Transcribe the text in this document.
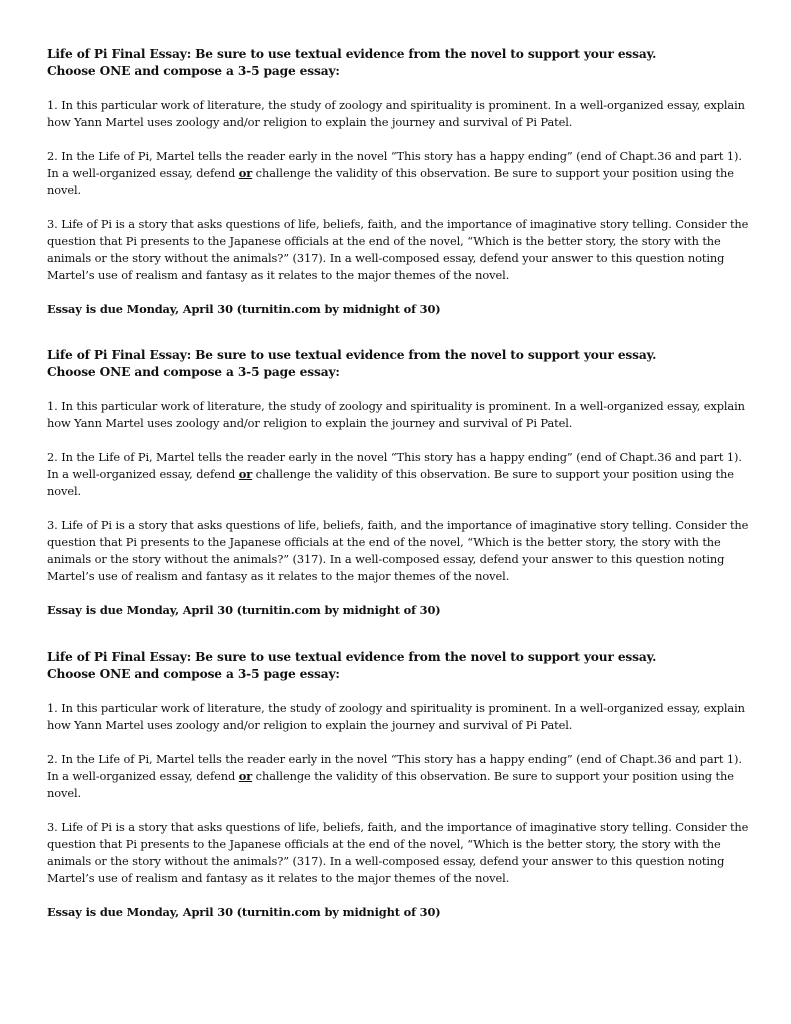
Life of Pi Final Essay: Be sure to use textual evidence from the novel to support your essay.
Choose ONE and compose a 3-5 page essay:

1. In this particular work of literature, the study of zoology and spirituality is prominent. In a well-organized essay, explain how Yann Martel uses zoology and/or religion to explain the journey and survival of Pi Patel.

2. In the Life of Pi, Martel tells the reader early in the novel “This story has a happy ending” (end of Chapt.36 and part 1). In a well-organized essay, defend or challenge the validity of this observation. Be sure to support your position using the novel.

3. Life of Pi is a story that asks questions of life, beliefs, faith, and the importance of imaginative story telling. Consider the question that Pi presents to the Japanese officials at the end of the novel, “Which is the better story, the story with the animals or the story without the animals?” (317). In a well-composed essay, defend your answer to this question noting Martel’s use of realism and fantasy as it relates to the major themes of the novel.

Essay is due Monday, April 30 (turnitin.com by midnight of 30)
Life of Pi Final Essay: Be sure to use textual evidence from the novel to support your essay.
Choose ONE and compose a 3-5 page essay:

1. In this particular work of literature, the study of zoology and spirituality is prominent. In a well-organized essay, explain how Yann Martel uses zoology and/or religion to explain the journey and survival of Pi Patel.

2. In the Life of Pi, Martel tells the reader early in the novel “This story has a happy ending” (end of Chapt.36 and part 1). In a well-organized essay, defend or challenge the validity of this observation. Be sure to support your position using the novel.

3. Life of Pi is a story that asks questions of life, beliefs, faith, and the importance of imaginative story telling. Consider the question that Pi presents to the Japanese officials at the end of the novel, “Which is the better story, the story with the animals or the story without the animals?” (317). In a well-composed essay, defend your answer to this question noting Martel’s use of realism and fantasy as it relates to the major themes of the novel.

Essay is due Monday, April 30 (turnitin.com by midnight of 30)
Life of Pi Final Essay: Be sure to use textual evidence from the novel to support your essay.
Choose ONE and compose a 3-5 page essay:

1. In this particular work of literature, the study of zoology and spirituality is prominent. In a well-organized essay, explain how Yann Martel uses zoology and/or religion to explain the journey and survival of Pi Patel.

2. In the Life of Pi, Martel tells the reader early in the novel “This story has a happy ending” (end of Chapt.36 and part 1). In a well-organized essay, defend or challenge the validity of this observation. Be sure to support your position using the novel.

3. Life of Pi is a story that asks questions of life, beliefs, faith, and the importance of imaginative story telling. Consider the question that Pi presents to the Japanese officials at the end of the novel, “Which is the better story, the story with the animals or the story without the animals?” (317). In a well-composed essay, defend your answer to this question noting Martel’s use of realism and fantasy as it relates to the major themes of the novel.

Essay is due Monday, April 30 (turnitin.com by midnight of 30)
